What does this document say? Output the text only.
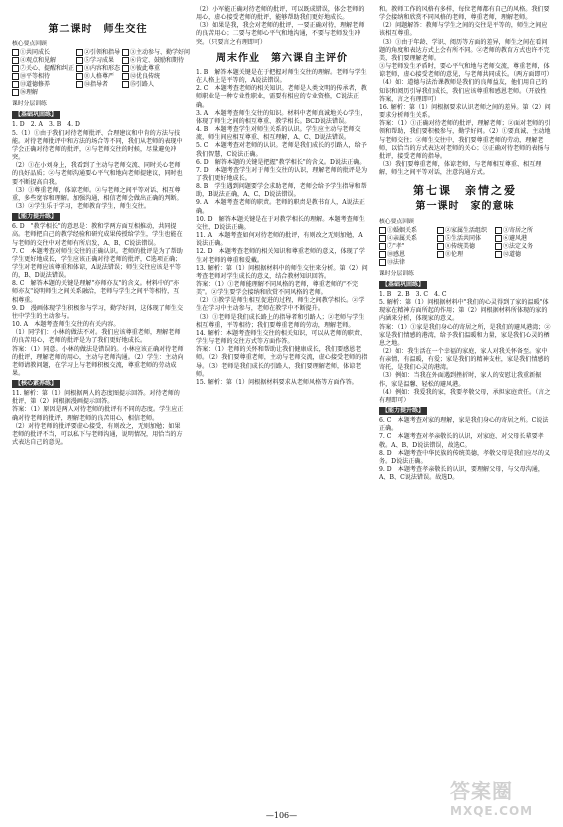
第二课时　师生交往
核心要点回顾
①共同成长	②引领和指导	③主动参与、勤学好问
④观点和见解	⑤学习成果	⑥肯定、鼓励和期待
⑦关心、提醒和纠正	⑧内容和形态	⑨彼此尊重
⑩平等相待	⑪人格尊严	⑫优良传统
⑬道德修养	⑭指导者	⑮引路人
⑯理解
课时分层训练
【基础巩固练】

1. D　2. A　3. B　4. D

5.（1）①由于我们对待老师批评、合理建议和中肯的方法与技能。对待老师批评中和方法的场合等不同，我们从老师的表现中学会正确对待老师的批评，②与老师交往的时候，尽量避免冲突。

（2）①在小刘身上，我看到了主动与老师交流、同时关心老师的良好品质；②与老师沟通要心平气和地向老师提建议，同时也要不断提高自我。

（3）①尊重老师，体谅老师。②与老师之间平等对话、相互尊重，多些宽容和理解。加强沟通，相信老师会做出正确的判断。

（3）②学生乐于学习，老师教育学生，师生交往。

【能力提升练】

6. D　"教学相长"的意思是：教和学两方面互相推动，共同提高。老师把自己的教学经验和研究成果传授给学生，学生也能在与老师的交往中对老师有所启发，A、B、C说法错误。

7. C　本题考查对师生交往的正确认识。老师的批评是为了帮助学生更好地成长，学生应该正确对待老师的批评，C选项正确；学生对老师应该尊重和体谅，A说法错误；师生交往应该是平等的，B、D说法错误。

8. C　解答本题的关键是理解"亦师亦友"的含义。材料中的"亦师亦友"说明师生之间关系融洽，老师与学生之间平等相待，互相尊重。

9. D　漫画体现学生积极参与学习，勤学好问，这体现了师生交往中学生的主动参与。

10. A　本题考查师生交往的有关内容。

（1）同学们：小林的做法不对。我们应该尊重老师，理解老师的良苦用心，老师的批评是为了我们更好地成长。

答案：（1）同意。小林的做法是错误的。小林应该正确对待老师的批评，理解老师的用心，主动与老师沟通。（2）学生：主动向老师请教问题，在学习上与老师积极交流，尊重老师的劳动成果。

【核心素养练】

11. 解析：第（1）问根据两人的态度图提示回答。对待老师的批评，第（2）问根据漫画提示回答。

答案：（1）原因是两人对待老师的批评有不同的态度。学生应正确对待老师的批评，理解老师的良苦用心，相信老师。

（2）对待老师的批评要虚心接受，有则改之，无则加勉；如果老师的批评不当，可以私下与老师沟通，说明情况，用恰当的方式表达自己的意见。

（2）小军能正确对待老师的批评，可以既成错误，体会老师的用心，虚心接受老师的批评，能够帮助我们更好地成长。

（3）如果是我，我会对老师的批评，一要正确对待，理解老师的良苦用心；二要与老师心平气和地沟通，不要与老师发生冲突。（只要言之有理即可）

周末作业　第六课自主评价

1. B　解答本题关键是在于把握对师生交往的理解。老师与学生在人格上是平等的，A说法错误。

2. C　本题考查老师的相关知识。老师是人类文明的传承者，教师职业是一种专业性职业，需要有相应的专业资格，C说法正确。

3. A　本题考查师生交往的知识。材料中老师真诚地关心学生，体现了师生之间的相互尊重、教学相长。BCD说法错误。

4. B　本题考查学生对师生关系的认识。学生应主动与老师交流，师生间应相互尊重、相互理解，A、C、D说法错误。

5. C　本题考查对老师的认识。老师是我们成长的引路人，给予我们智慧，C说法正确。

6. D　解答本题的关键是把握"教学相长"的含义。D说法正确。

7. D　本题考查学生对于师生交往的认识，理解老师的批评是为了我们更好地成长。

8. B　学生遇到问题要学会求助老师，老师会给予学生指导和帮助，B说法正确，A、C、D说法错误。

9. A　本题考查老师的职责。老师的职责是教书育人，A说法正确。

10. D　解答本题关键是在于对教学相长的理解。本题考查师生交往，D说法正确。

11. A　本题考查如何对待老师的批评，有则改之无则加勉，A说法正确。

12. D　本题考查老师的相关知识和尊重老师的意义，体现了学生对老师的尊重和爱戴。

13. 解析：第（1）问根据材料中的师生交往来分析。第（2）问考查老师对学生成长的意义，结合教材知识回答。

答案：（1）①老师能理解不同风格的老师，尊重老师的"不完美"。②学生要学会接纳和欣赏不同风格的老师。

（2）①教学是师生相互促进的过程，师生之间教学相长。②学生在学习中主动参与，老师在教学中不断提升。

（3）①老师是我们成长路上的指导者和引路人；②老师与学生相互尊重，平等相待；我们要尊重老师的劳动，理解老师。

14. 解析：本题考查师生交往的相关知识，可以从老师的职责、学生与老师的交往方式等方面作答。

答案：（1）老师的关怀和帮助让我们健康成长，我们要感恩老师。（2）我们要尊重老师，主动与老师交流，虚心接受老师的指导。（3）老师是我们成长的引路人，我们要理解老师，体谅老师。

15. 解析：第（1）问根据材料要求从老师风格等方面作答。

和。教师工作的风格有多样，每位老师都有自己的风格。我们要学会接纳和欣赏不同风格的老师，尊重老师，理解老师。

（2）问题解答：教师与学生之间的交往是平等的，师生之间应该相互尊重。

（3）①由于年龄、学识、阅历等方面的差异，师生之间在看问题的角度和表达方式上会有所不同。②老师的教育方式也许不完美，我们要理解老师。

③与老师发生矛盾时，要心平气和地与老师交流，尊重老师，体谅老师，虚心接受老师的意见，与老师共同成长。（两方面即可）

（4）如：道德与法治课教师是我们的良师益友，他们用自己的知识和阅历引导我们成长，我们应该尊重和感恩老师。（开放性答案，言之有理即可）

16. 解析：第（1）问根据要求认识老师之间的差异。第（2）问要求分析师生关系。

答案：（1）①正确对待老师的批评，理解老师；②面对老师的引领和帮助，我们要积极参与，勤学好问。（2）①要真诚、主动地与老师交往；②师生交往中，我们要尊重老师的劳动，理解老师，以恰当的方式表达对老师的关心；③正确对待老师的表扬与批评，接受老师的指导。

（3）我们要尊重老师，体谅老师，与老师相互尊重、相互理解，师生之间平等对话，注意沟通方式。

第七课　亲情之爱
第一课时　家的意味
核心要点回顾
①婚姻关系	②家属生活组织	③寄居之所
④亲属关系	⑤生活共同体	⑥避风港
⑦"孝"	⑧传统美德	⑨法定义务
⑩感恩	⑪伦理	⑫道德
⑬法律
课时分层训练
【基础巩固练】

1. B　2. B　3. C　4. C

5. 解析：第（1）问根据材料中"我们的心灵得到了家的温暖"体现家在精神方面所起的作用；第（2）问根据材料所体现的家的内涵来分析，体现家的意义。

答案：（1）①家是我们身心的寄居之所，是我们的避风港湾；②家是我们情感的港湾，给予我们温暖和力量，家是我们心灵的栖息之地。

（2）如：我生活在一个幸福的家庭，家人对我关怀备至。家中有亲情，有温暖，有爱；家是我们的精神支柱，家是我们情感的寄托，是我们心灵的港湾。

（3）例如：当我在外面遇到挫折时，家人的安慰让我重新振作，家是温馨、轻松的避风港。

（4）例如：我爱我的家，我要孝敬父母，承担家庭责任。（言之有理即可）

【能力提升练】

6. C　本题考查对家的理解，家是我们身心的寄居之所。C说法正确。

7. C　本题考查对孝亲敬长的认识，对家庭、对父母长辈要孝敬。A、B、D说法错误，故选C。

8. D　本题考查中华民族的传统美德，孝敬父母是我们应尽的义务。D说法正确。

9. D　本题考查孝亲敬长的认识，要理解父母，与父母沟通，A、B、C说法错误。故选D。

—106—
答案圈
MXQE.COM
